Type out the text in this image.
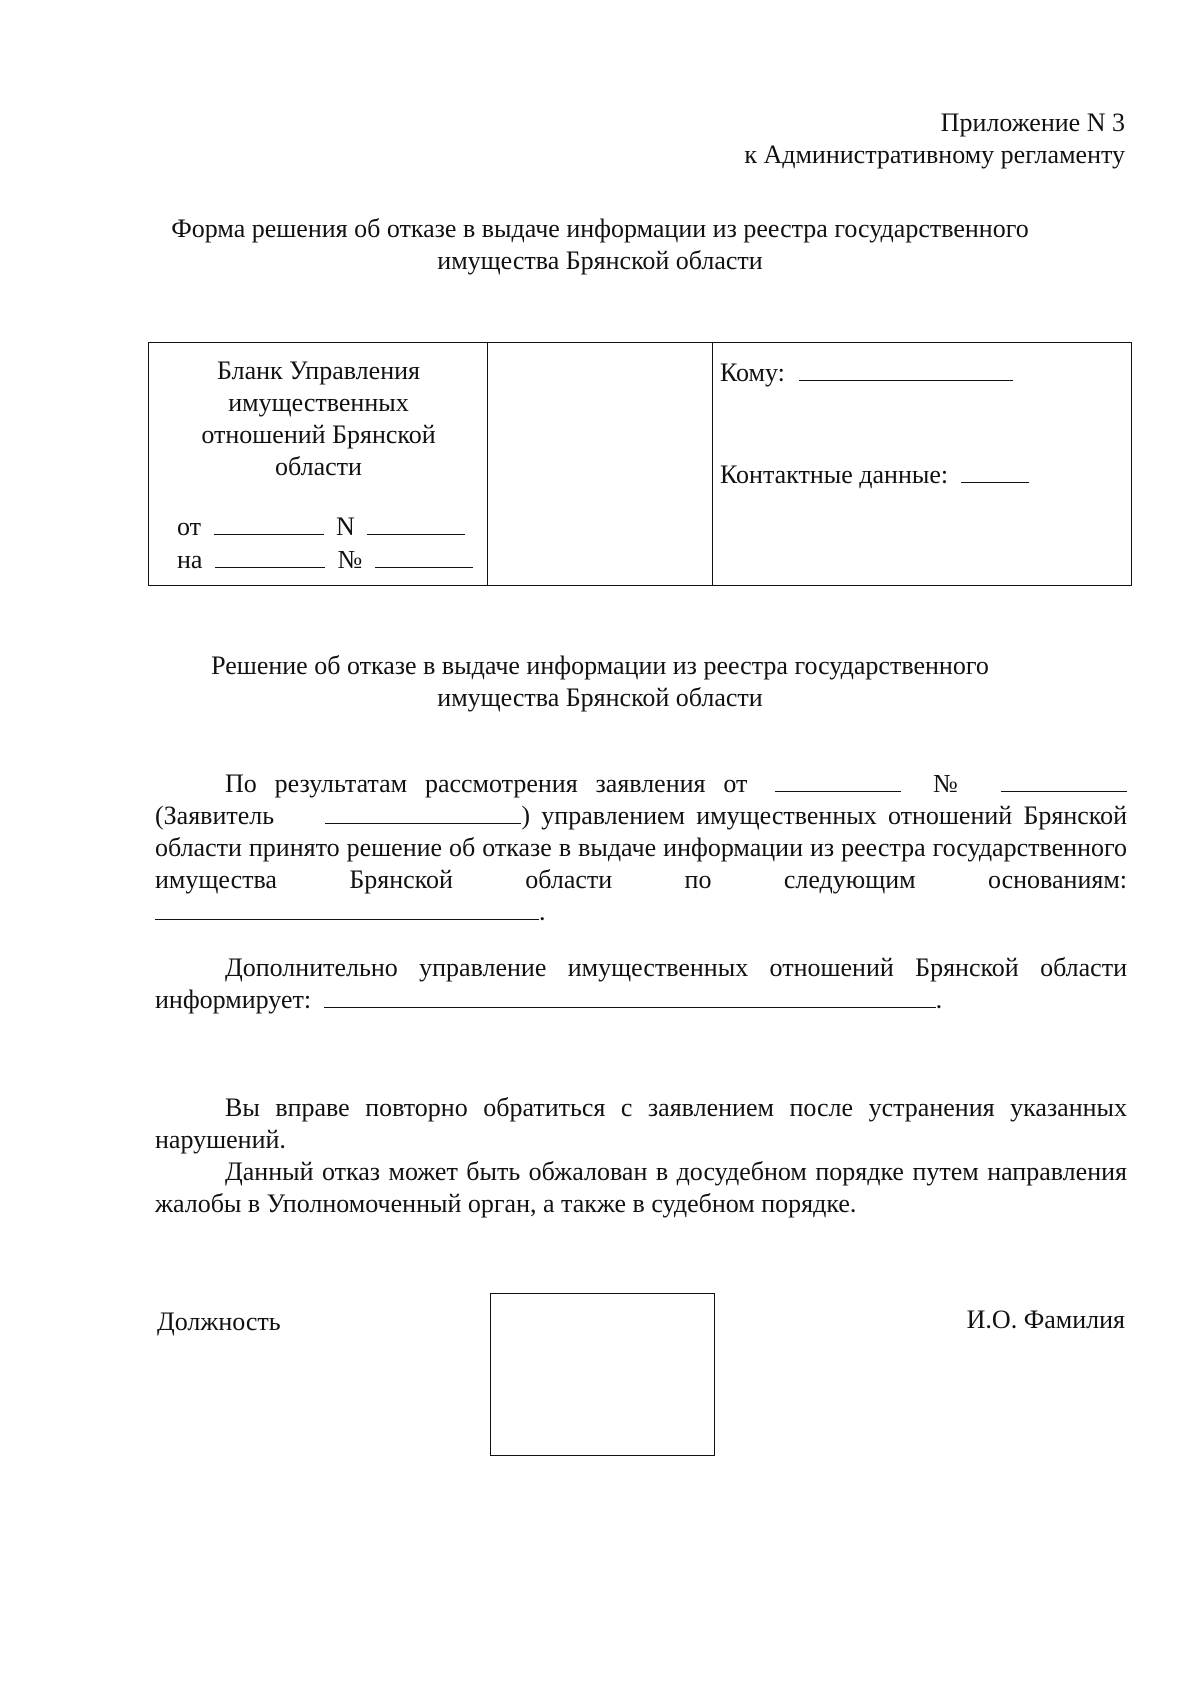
Приложение N 3
к Административному регламенту
Форма решения об отказе в выдаче информации из реестра государственного
имущества Брянской области
Бланк Управления
имущественных
отношений Брянской
области
от	N
на	№
Кому:
Контактные данные:
Решение об отказе в выдаче информации из реестра государственного
имущества Брянской области
По результатам рассмотрения заявления от	№  (Заявитель	) управлением имущественных отношений Брянской области принято решение об отказе в выдаче информации из реестра государственного имущества Брянской области по следующим основаниям: .
Дополнительно управление имущественных отношений Брянской области информирует:	.
Вы вправе повторно обратиться с заявлением после устранения указанных нарушений.
Данный отказ может быть обжалован в досудебном порядке путем направления жалобы в Уполномоченный орган, а также в судебном порядке.
Должность	И.О. Фамилия
